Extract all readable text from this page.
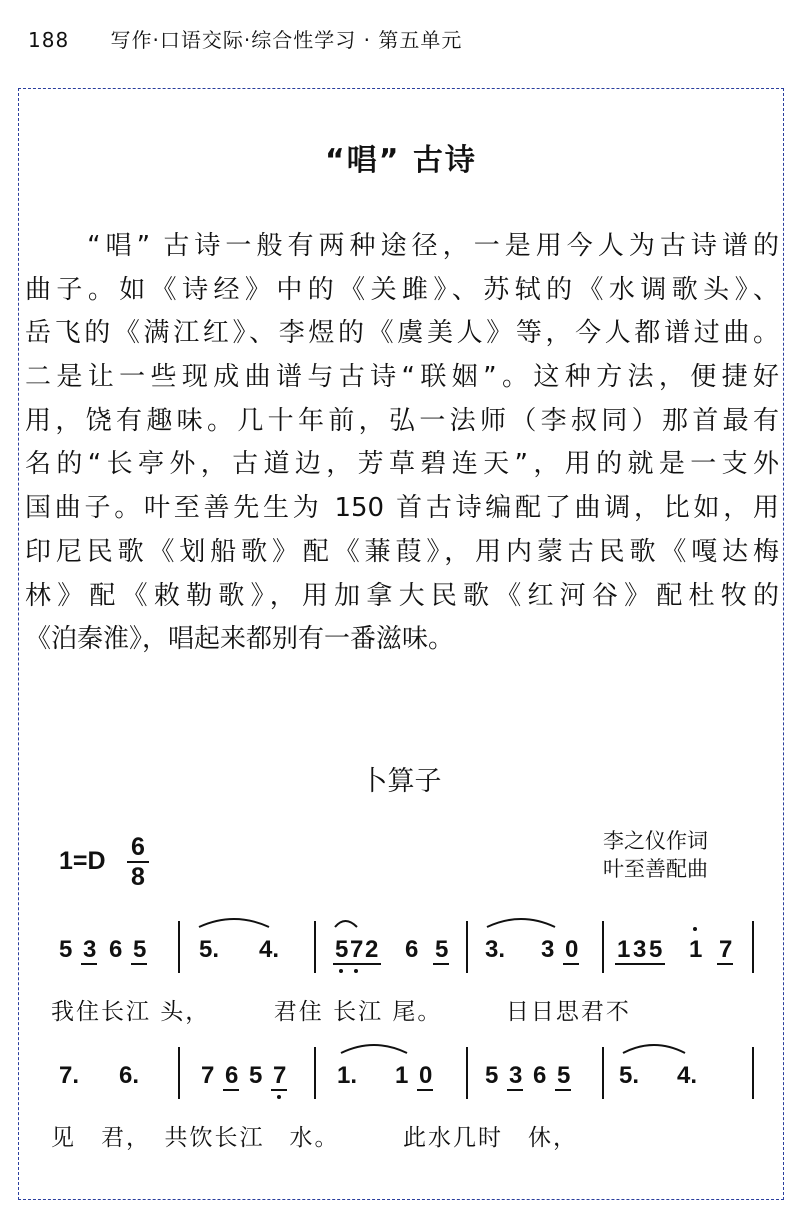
188 写作·口语交际·综合性学习 · 第五单元
“唱” 古诗

　　“唱” 古诗一般有两种途径，一是用今人为古诗谱的
曲子。如《诗经》中的《关雎》、苏轼的《水调歌头》、
岳飞的《满江红》、李煜的《虞美人》等，今人都谱过曲。
二是让一些现成曲谱与古诗“联姻”。这种方法，便捷好
用，饶有趣味。几十年前，弘一法师（李叔同）那首最有
名的“长亭外，古道边，芳草碧连天”，用的就是一支外
国曲子。叶至善先生为 150 首古诗编配了曲调，比如，用
印尼民歌《划船歌》配《蒹葭》，用内蒙古民歌《嘎达梅
林》配《敕勒歌》，用加拿大民歌《红河谷》配杜牧的
《泊秦淮》，唱起来都别有一番滋味。

卜算子
1=D 6
8
李之仪作词
叶至善配曲
5 3 6 5 5. 4. 5 7 2 6 5 3. 3 0 1 3 5 1 7
7. 6.	7 6 5 7 1. 1 0 5 3 6 5 5. 4.
我住长江 头，　　　君住 长江 尾。　　　日日思君不
见　君，　共饮长江　水。　　　此水几时　休，
